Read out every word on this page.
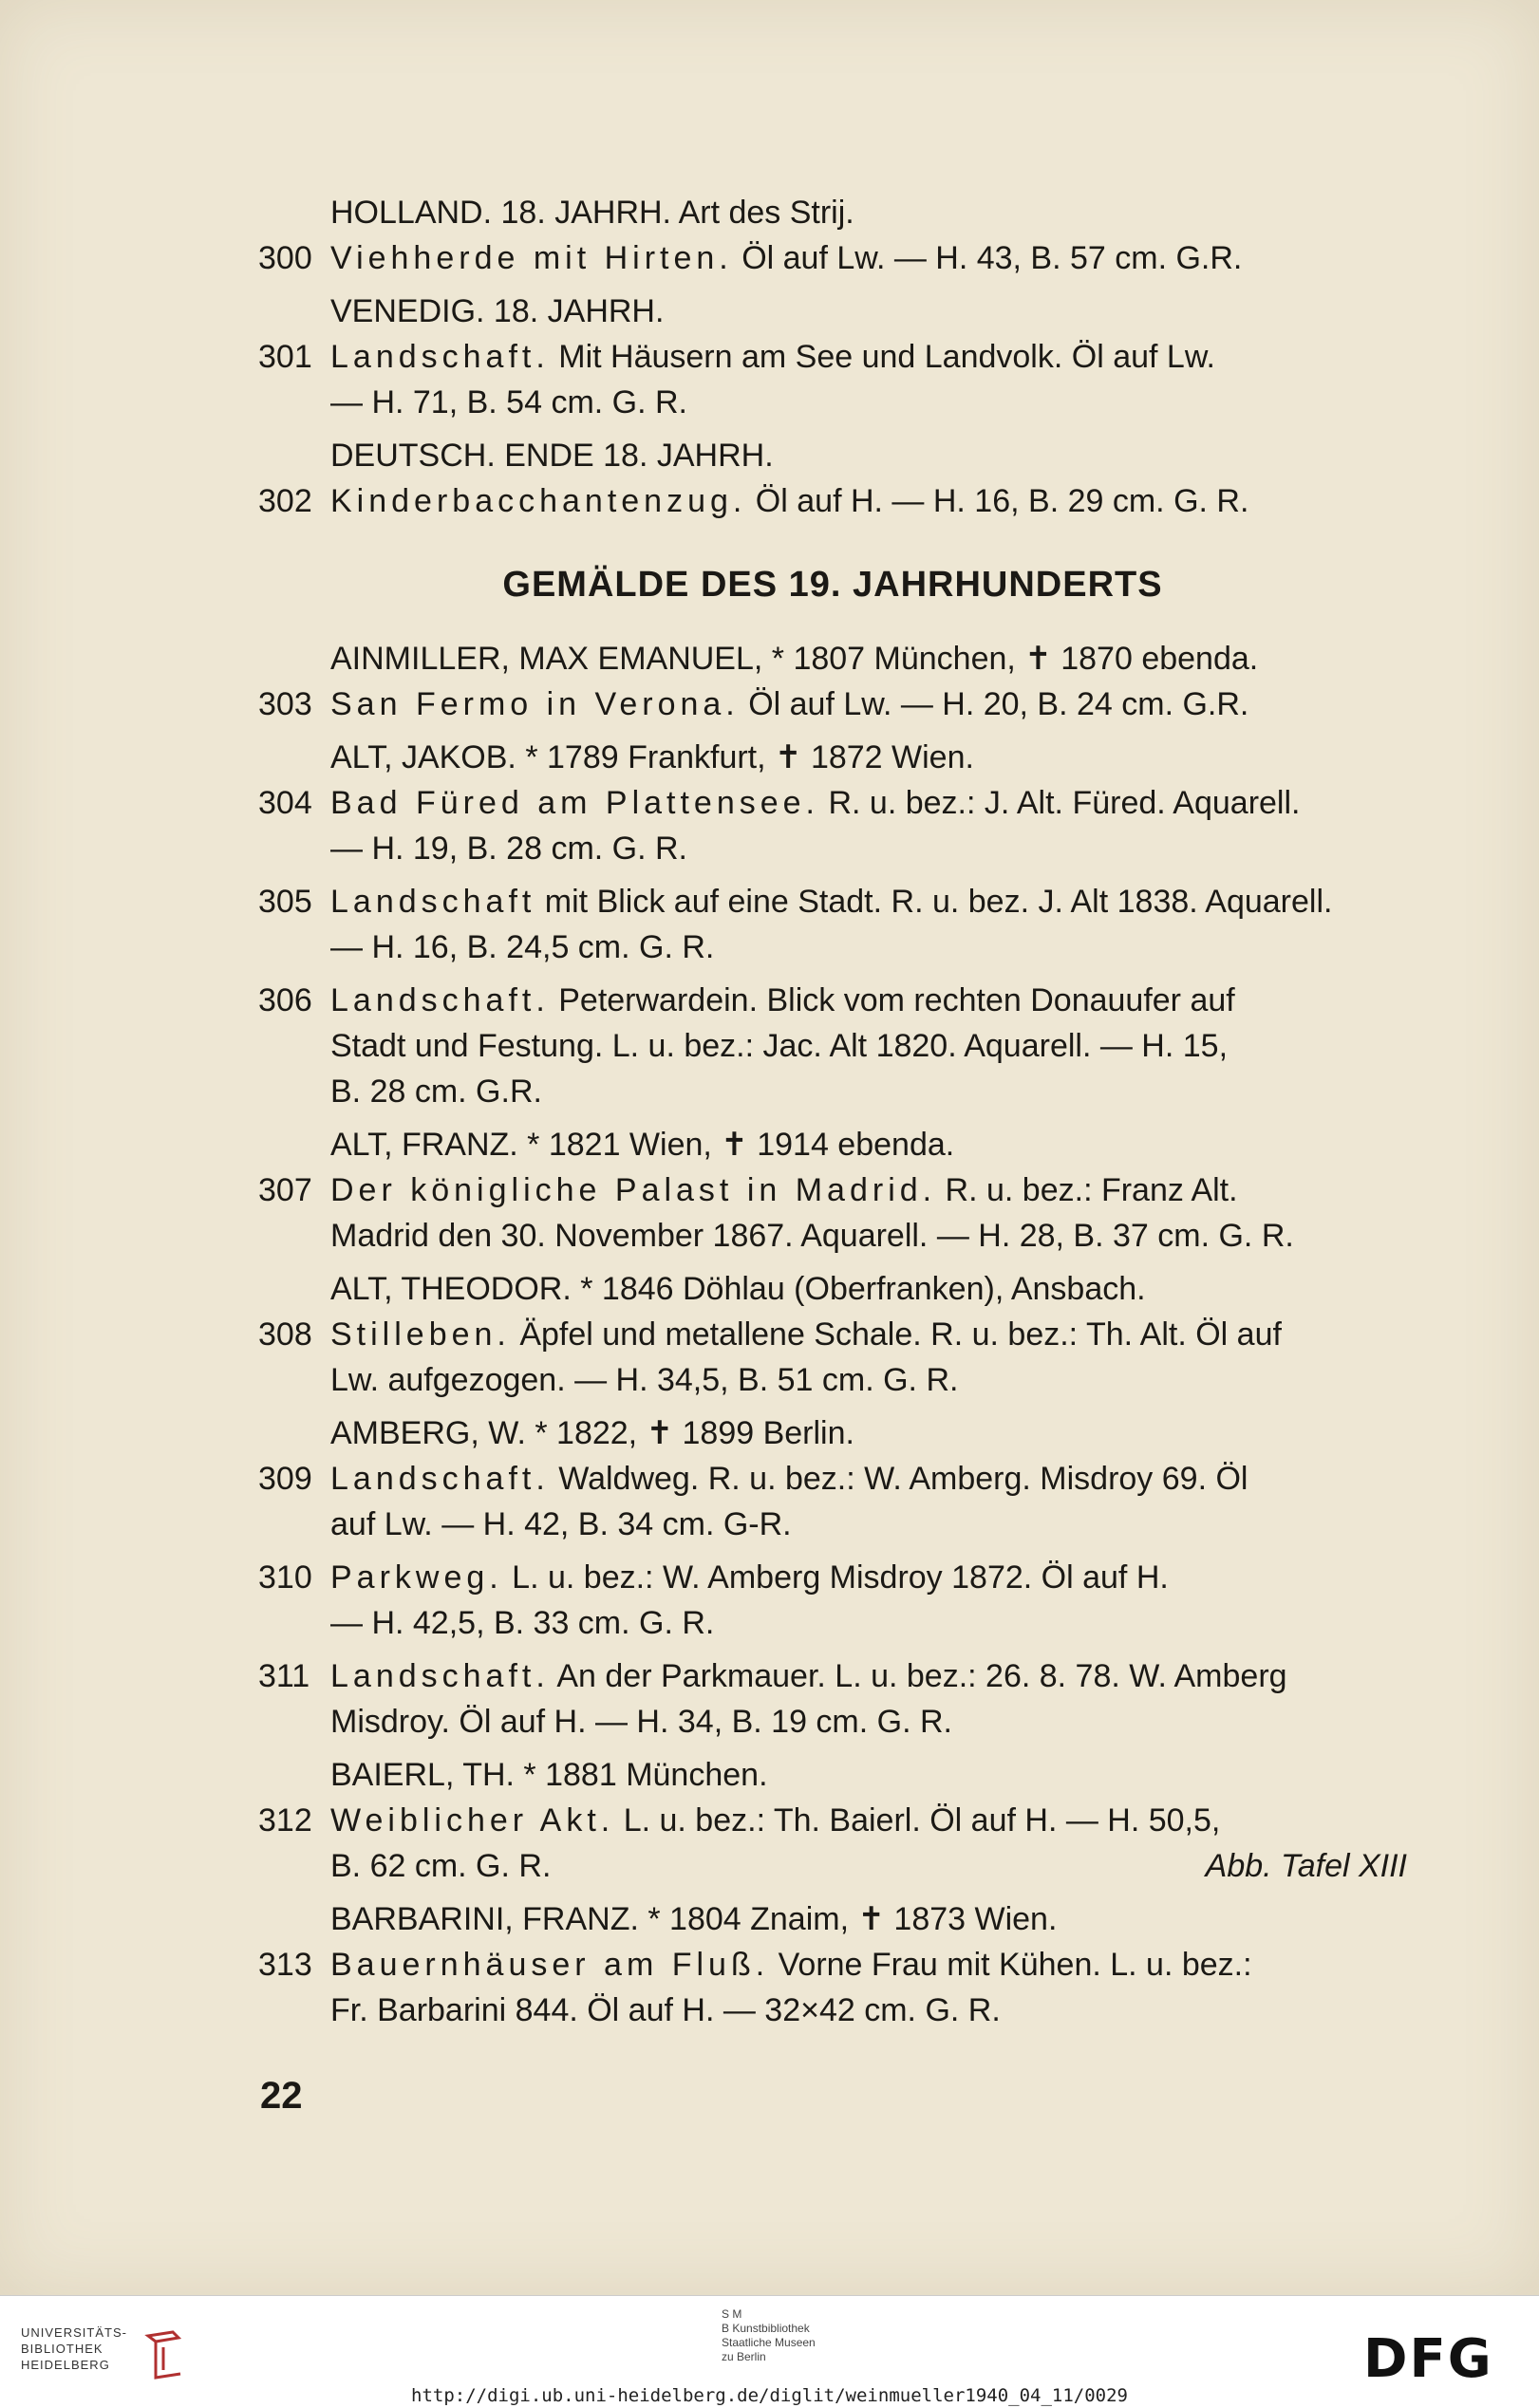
HOLLAND. 18. JAHRH. Art des Strij.
300 Viehherde mit Hirten. Öl auf Lw. — H. 43, B. 57 cm. G.R.
VENEDIG. 18. JAHRH.
301 Landschaft. Mit Häusern am See und Landvolk. Öl auf Lw.
— H. 71, B. 54 cm. G. R.
DEUTSCH. ENDE 18. JAHRH.
302 Kinderbacchantenzug. Öl auf H. — H. 16, B. 29 cm. G. R.
GEMÄLDE DES 19. JAHRHUNDERTS
AINMILLER, MAX EMANUEL, * 1807 München, ✝ 1870 ebenda.
303 San Fermo in Verona. Öl auf Lw. — H. 20, B. 24 cm. G.R.
ALT, JAKOB. * 1789 Frankfurt, ✝ 1872 Wien.
304 Bad Füred am Plattensee. R. u. bez.: J. Alt. Füred. Aquarell.
— H. 19, B. 28 cm. G. R.
305 Landschaft mit Blick auf eine Stadt. R. u. bez. J. Alt 1838. Aquarell.
— H. 16, B. 24,5 cm. G. R.
306 Landschaft. Peterwardein. Blick vom rechten Donauufer auf
Stadt und Festung. L. u. bez.: Jac. Alt 1820. Aquarell. — H. 15,
B. 28 cm. G.R.
ALT, FRANZ. * 1821 Wien, ✝ 1914 ebenda.
307 Der königliche Palast in Madrid. R. u. bez.: Franz Alt.
Madrid den 30. November 1867. Aquarell. — H. 28, B. 37 cm. G. R.
ALT, THEODOR. * 1846 Döhlau (Oberfranken), Ansbach.
308 Stilleben. Äpfel und metallene Schale. R. u. bez.: Th. Alt. Öl auf
Lw. aufgezogen. — H. 34,5, B. 51 cm. G. R.
AMBERG, W. * 1822, ✝ 1899 Berlin.
309 Landschaft. Waldweg. R. u. bez.: W. Amberg. Misdroy 69. Öl
auf Lw. — H. 42, B. 34 cm. G-R.
310 Parkweg. L. u. bez.: W. Amberg Misdroy 1872. Öl auf H.
— H. 42,5, B. 33 cm. G. R.
311 Landschaft. An der Parkmauer. L. u. bez.: 26. 8. 78. W. Amberg
Misdroy. Öl auf H. — H. 34, B. 19 cm. G. R.
BAIERL, TH. * 1881 München.
312 Weiblicher Akt. L. u. bez.: Th. Baierl. Öl auf H. — H. 50,5,
Abb. Tafel XIII
B. 62 cm. G. R.
BARBARINI, FRANZ. * 1804 Znaim, ✝ 1873 Wien.
313 Bauernhäuser am Fluß. Vorne Frau mit Kühen. L. u. bez.:
Fr. Barbarini 844. Öl auf H. — 32×42 cm. G. R.
22
UNIVERSITÄTS-
BIBLIOTHEK
HEIDELBERG
S M
B Kunstbibliothek
Staatliche Museen
zu Berlin	DFG
http://digi.ub.uni-heidelberg.de/diglit/weinmueller1940_04_11/0029
